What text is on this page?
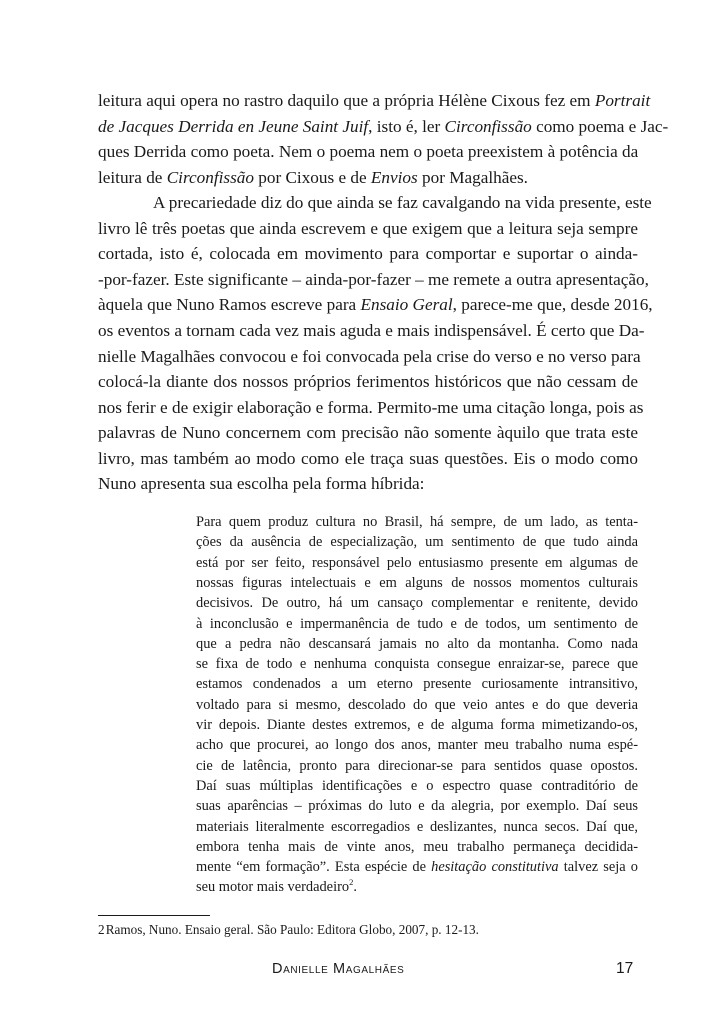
leitura aqui opera no rastro daquilo que a própria Hélène Cixous fez em Portrait
de Jacques Derrida en Jeune Saint Juif, isto é, ler Circonfissão como poema e Jac-
ques Derrida como poeta. Nem o poema nem o poeta preexistem à potência da
leitura de Circonfissão por Cixous e de Envios por Magalhães.
A precariedade diz do que ainda se faz cavalgando na vida presente, este
livro lê três poetas que ainda escrevem e que exigem que a leitura seja sempre
cortada, isto é, colocada em movimento para comportar e suportar o ainda-
-por-fazer. Este significante – ainda-por-fazer – me remete a outra apresentação,
àquela que Nuno Ramos escreve para Ensaio Geral, parece-me que, desde 2016,
os eventos a tornam cada vez mais aguda e mais indispensável. É certo que Da-
nielle Magalhães convocou e foi convocada pela crise do verso e no verso para
colocá-la diante dos nossos próprios ferimentos históricos que não cessam de
nos ferir e de exigir elaboração e forma. Permito-me uma citação longa, pois as
palavras de Nuno concernem com precisão não somente àquilo que trata este
livro, mas também ao modo como ele traça suas questões. Eis o modo como
Nuno apresenta sua escolha pela forma híbrida:
Para quem produz cultura no Brasil, há sempre, de um lado, as tenta-
ções da ausência de especialização, um sentimento de que tudo ainda
está por ser feito, responsável pelo entusiasmo presente em algumas de
nossas figuras intelectuais e em alguns de nossos momentos culturais
decisivos. De outro, há um cansaço complementar e renitente, devido
à inconclusão e impermanência de tudo e de todos, um sentimento de
que a pedra não descansará jamais no alto da montanha. Como nada
se fixa de todo e nenhuma conquista consegue enraizar-se, parece que
estamos condenados a um eterno presente curiosamente intransitivo,
voltado para si mesmo, descolado do que veio antes e do que deveria
vir depois. Diante destes extremos, e de alguma forma mimetizando-os,
acho que procurei, ao longo dos anos, manter meu trabalho numa espé-
cie de latência, pronto para direcionar-se para sentidos quase opostos.
Daí suas múltiplas identificações e o espectro quase contraditório de
suas aparências – próximas do luto e da alegria, por exemplo. Daí seus
materiais literalmente escorregadios e deslizantes, nunca secos. Daí que,
embora tenha mais de vinte anos, meu trabalho permaneça decidida-
mente “em formação”. Esta espécie de hesitação constitutiva talvez seja o
seu motor mais verdadeiro$^2$.
2 Ramos, Nuno. Ensaio geral. São Paulo: Editora Globo, 2007, p. 12-13.
Danielle Magalhães	17
